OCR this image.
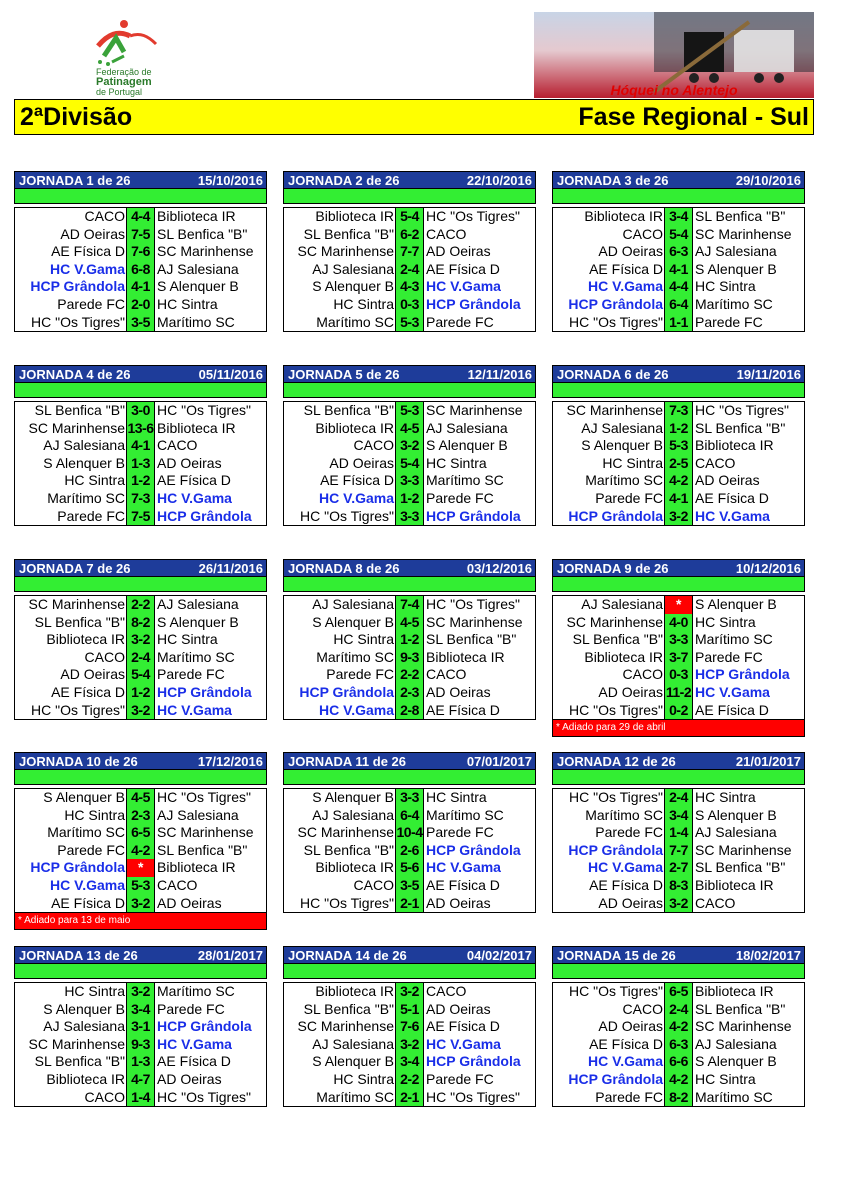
Federação de
Patinagem
de Portugal	Hóquei no Alentejo
2ªDivisão	Fase Regional - Sul
JORNADA 1 de 26	15/10/2016
CACO 4-4 Biblioteca IR
AD Oeiras 7-5 SL Benfica "B"
AE Física D 7-6 SC Marinhense
HC V.Gama 6-8 AJ Salesiana
HCP Grândola 4-1 S Alenquer B
Parede FC 2-0 HC Sintra
HC "Os Tigres" 3-5 Marítimo SC
JORNADA 2 de 26	22/10/2016
Biblioteca IR 5-4 HC "Os Tigres"
SL Benfica "B" 6-2 CACO
SC Marinhense 7-7 AD Oeiras
AJ Salesiana 2-4 AE Física D
S Alenquer B 4-3 HC V.Gama
HC Sintra 0-3 HCP Grândola
Marítimo SC 5-3 Parede FC
JORNADA 3 de 26	29/10/2016
Biblioteca IR 3-4 SL Benfica "B"
CACO 5-4 SC Marinhense
AD Oeiras 6-3 AJ Salesiana
AE Física D 4-1 S Alenquer B
HC V.Gama 4-4 HC Sintra
HCP Grândola 6-4 Marítimo SC
HC "Os Tigres" 1-1 Parede FC
JORNADA 4 de 26	05/11/2016
SL Benfica "B" 3-0 HC "Os Tigres"
SC Marinhense 13-6 Biblioteca IR
AJ Salesiana 4-1 CACO
S Alenquer B 1-3 AD Oeiras
HC Sintra 1-2 AE Física D
Marítimo SC 7-3 HC V.Gama
Parede FC 7-5 HCP Grândola
JORNADA 5 de 26	12/11/2016
SL Benfica "B" 5-3 SC Marinhense
Biblioteca IR 4-5 AJ Salesiana
CACO 3-2 S Alenquer B
AD Oeiras 5-4 HC Sintra
AE Física D 3-3 Marítimo SC
HC V.Gama 1-2 Parede FC
HC "Os Tigres" 3-3 HCP Grândola
JORNADA 6 de 26	19/11/2016
SC Marinhense 7-3 HC "Os Tigres"
AJ Salesiana 1-2 SL Benfica "B"
S Alenquer B 5-3 Biblioteca IR
HC Sintra 2-5 CACO
Marítimo SC 4-2 AD Oeiras
Parede FC 4-1 AE Física D
HCP Grândola 3-2 HC V.Gama
JORNADA 7 de 26	26/11/2016
SC Marinhense 2-2 AJ Salesiana
SL Benfica "B" 8-2 S Alenquer B
Biblioteca IR 3-2 HC Sintra
CACO 2-4 Marítimo SC
AD Oeiras 5-4 Parede FC
AE Física D 1-2 HCP Grândola
HC "Os Tigres" 3-2 HC V.Gama
JORNADA 8 de 26	03/12/2016
AJ Salesiana 7-4 HC "Os Tigres"
S Alenquer B 4-5 SC Marinhense
HC Sintra 1-2 SL Benfica "B"
Marítimo SC 9-3 Biblioteca IR
Parede FC 2-2 CACO
HCP Grândola 2-3 AD Oeiras
HC V.Gama 2-8 AE Física D
JORNADA 9 de 26	10/12/2016
AJ Salesiana *	S Alenquer B
SC Marinhense 4-0 HC Sintra
SL Benfica "B" 3-3 Marítimo SC
Biblioteca IR 3-7 Parede FC
CACO 0-3 HCP Grândola
AD Oeiras 11-2 HC V.Gama
HC "Os Tigres" 0-2 AE Física D
* Adiado para 29 de abril
JORNADA 10 de 26	17/12/2016
S Alenquer B 4-5 HC "Os Tigres"
HC Sintra 2-3 AJ Salesiana
Marítimo SC 6-5 SC Marinhense
Parede FC 4-2 SL Benfica "B"
HCP Grândola *	Biblioteca IR
HC V.Gama 5-3 CACO
AE Física D 3-2 AD Oeiras
* Adiado para 13 de maio
JORNADA 11 de 26	07/01/2017
S Alenquer B 3-3 HC Sintra
AJ Salesiana 6-4 Marítimo SC
SC Marinhense 10-4 Parede FC
SL Benfica "B" 2-6 HCP Grândola
Biblioteca IR 5-6 HC V.Gama
CACO 3-5 AE Física D
HC "Os Tigres" 2-1 AD Oeiras
JORNADA 12 de 26	21/01/2017
HC "Os Tigres" 2-4 HC Sintra
Marítimo SC 3-4 S Alenquer B
Parede FC 1-4 AJ Salesiana
HCP Grândola 7-7 SC Marinhense
HC V.Gama 2-7 SL Benfica "B"
AE Física D 8-3 Biblioteca IR
AD Oeiras 3-2 CACO
JORNADA 13 de 26	28/01/2017
HC Sintra 3-2 Marítimo SC
S Alenquer B 3-4 Parede FC
AJ Salesiana 3-1 HCP Grândola
SC Marinhense 9-3 HC V.Gama
SL Benfica "B" 1-3 AE Física D
Biblioteca IR 4-7 AD Oeiras
CACO 1-4 HC "Os Tigres"
JORNADA 14 de 26	04/02/2017
Biblioteca IR 3-2 CACO
SL Benfica "B" 5-1 AD Oeiras
SC Marinhense 7-6 AE Física D
AJ Salesiana 3-2 HC V.Gama
S Alenquer B 3-4 HCP Grândola
HC Sintra 2-2 Parede FC
Marítimo SC 2-1 HC "Os Tigres"
JORNADA 15 de 26	18/02/2017
HC "Os Tigres" 6-5 Biblioteca IR
CACO 2-4 SL Benfica "B"
AD Oeiras 4-2 SC Marinhense
AE Física D 6-3 AJ Salesiana
HC V.Gama 6-6 S Alenquer B
HCP Grândola 4-2 HC Sintra
Parede FC 8-2 Marítimo SC
